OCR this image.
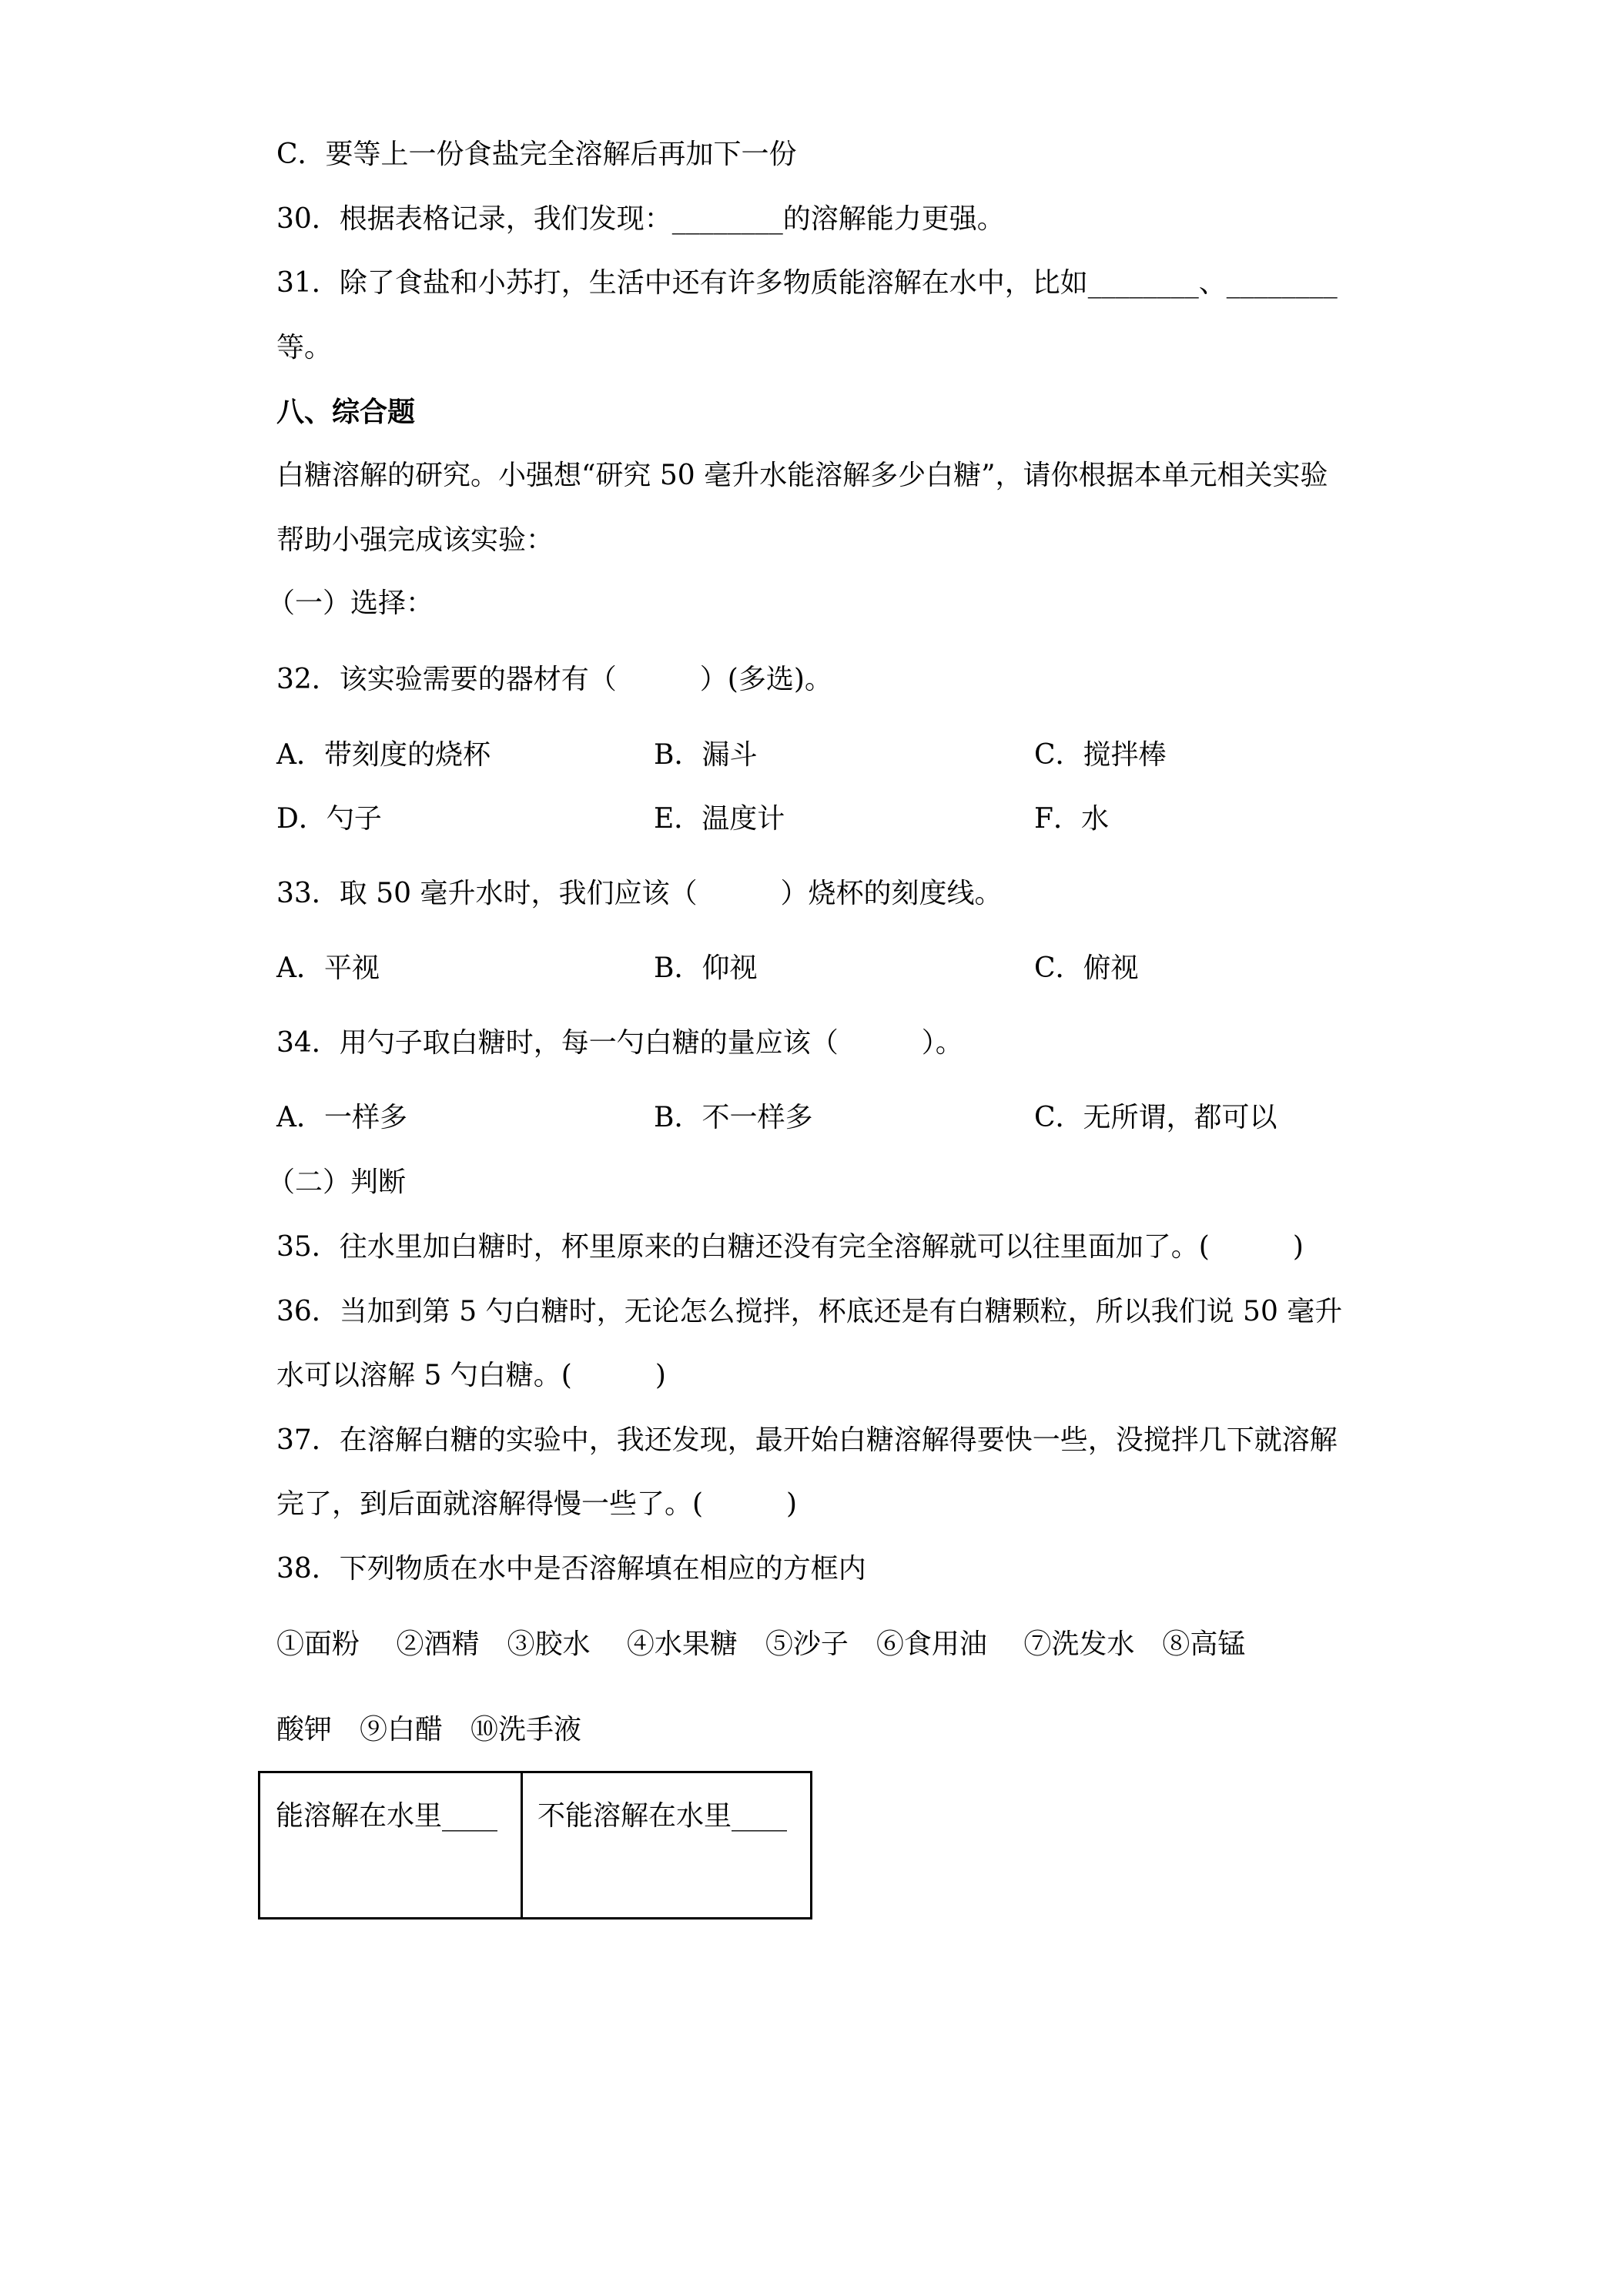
C．要等上一份食盐完全溶解后再加下一份
30．根据表格记录，我们发现：________的溶解能力更强。
31．除了食盐和小苏打，生活中还有许多物质能溶解在水中，比如________、________
等。
八、综合题
白糖溶解的研究。小强想“研究 50 毫升水能溶解多少白糖”，请你根据本单元相关实验
帮助小强完成该实验：
（一）选择：
32．该实验需要的器材有（　　　）(多选)。
A．带刻度的烧杯	B．漏斗	C．搅拌棒
D．勺子	E．温度计	F．水
33．取 50 毫升水时，我们应该（　　　）烧杯的刻度线。
A．平视	B．仰视	C．俯视
34．用勺子取白糖时，每一勺白糖的量应该（　　　）。
A．一样多	B．不一样多	C．无所谓，都可以
（二）判断
35．往水里加白糖时，杯里原来的白糖还没有完全溶解就可以往里面加了。(　　　)
36．当加到第 5 勺白糖时，无论怎么搅拌，杯底还是有白糖颗粒，所以我们说 50 毫升
水可以溶解 5 勺白糖。(　　　)
37．在溶解白糖的实验中，我还发现，最开始白糖溶解得要快一些，没搅拌几下就溶解
完了，到后面就溶解得慢一些了。(　　　)
38．下列物质在水中是否溶解填在相应的方框内
①面粉　 ②酒精　③胶水　 ④水果糖　⑤沙子　⑥食用油　 ⑦洗发水　⑧高锰
酸钾　⑨白醋　⑩洗手液
能溶解在水里____ 不能溶解在水里____
